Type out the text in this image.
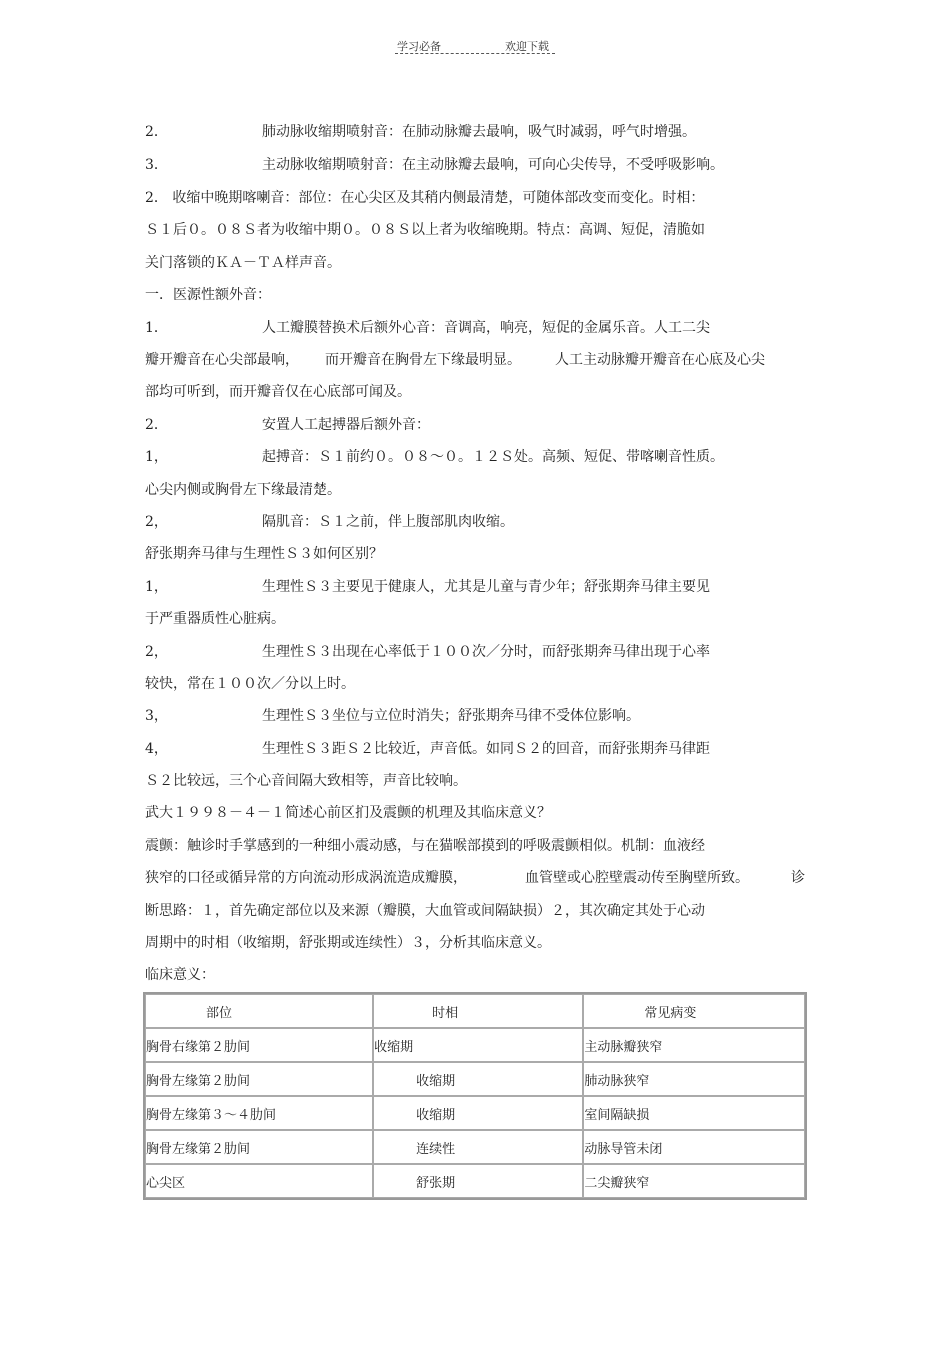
学习必备	欢迎下载
2．	肺动脉收缩期喷射音：在肺动脉瓣去最响，吸气时减弱，呼气时增强。
3．	主动脉收缩期喷射音：在主动脉瓣去最响，可向心尖传导，不受呼吸影响。
2． 收缩中晚期喀喇音：部位：在心尖区及其稍内侧最清楚，可随体部改变而变化。时相：
Ｓ１后０。０８Ｓ者为收缩中期０。０８Ｓ以上者为收缩晚期。特点：高调、短促，清脆如
关门落锁的ＫＡ－ＴＡ样声音。
一．医源性额外音：
1．	人工瓣膜替换术后额外心音：音调高，响亮，短促的金属乐音。人工二尖
瓣开瓣音在心尖部最响， 而开瓣音在胸骨左下缘最明显。 人工主动脉瓣开瓣音在心底及心尖
部均可听到，而开瓣音仅在心底部可闻及。
2．	安置人工起搏器后额外音：
1，	起搏音：Ｓ１前约０。０８～０。１２Ｓ处。高频、短促、带喀喇音性质。
心尖内侧或胸骨左下缘最清楚。
2，	隔肌音：Ｓ１之前，伴上腹部肌肉收缩。
舒张期奔马律与生理性Ｓ３如何区别？
1，	生理性Ｓ３主要见于健康人，尤其是儿童与青少年；舒张期奔马律主要见
于严重器质性心脏病。
2，	生理性Ｓ３出现在心率低于１００次／分时，而舒张期奔马律出现于心率
较快，常在１００次／分以上时。
3，	生理性Ｓ３坐位与立位时消失；舒张期奔马律不受体位影响。
4，	生理性Ｓ３距Ｓ２比较近，声音低。如同Ｓ２的回音，而舒张期奔马律距
Ｓ２比较远，三个心音间隔大致相等，声音比较响。
武大１９９８－４－１简述心前区扪及震颤的机理及其临床意义？
震颤：触诊时手掌感到的一种细小震动感，与在猫喉部摸到的呼吸震颤相似。机制：血液经
狭窄的口径或循异常的方向流动形成涡流造成瓣膜，	血管壁或心腔壁震动传至胸壁所致。	诊
断思路：１，首先确定部位以及来源（瓣膜，大血管或间隔缺损）２，其次确定其处于心动
周期中的时相（收缩期，舒张期或连续性）３，分析其临床意义。
临床意义：
部位	时相	常见病变
胸骨右缘第２肋间	收缩期	主动脉瓣狭窄
胸骨左缘第２肋间	收缩期	肺动脉狭窄
胸骨左缘第３～４肋间	收缩期	室间隔缺损
胸骨左缘第２肋间	连续性	动脉导管未闭
心尖区	舒张期	二尖瓣狭窄
